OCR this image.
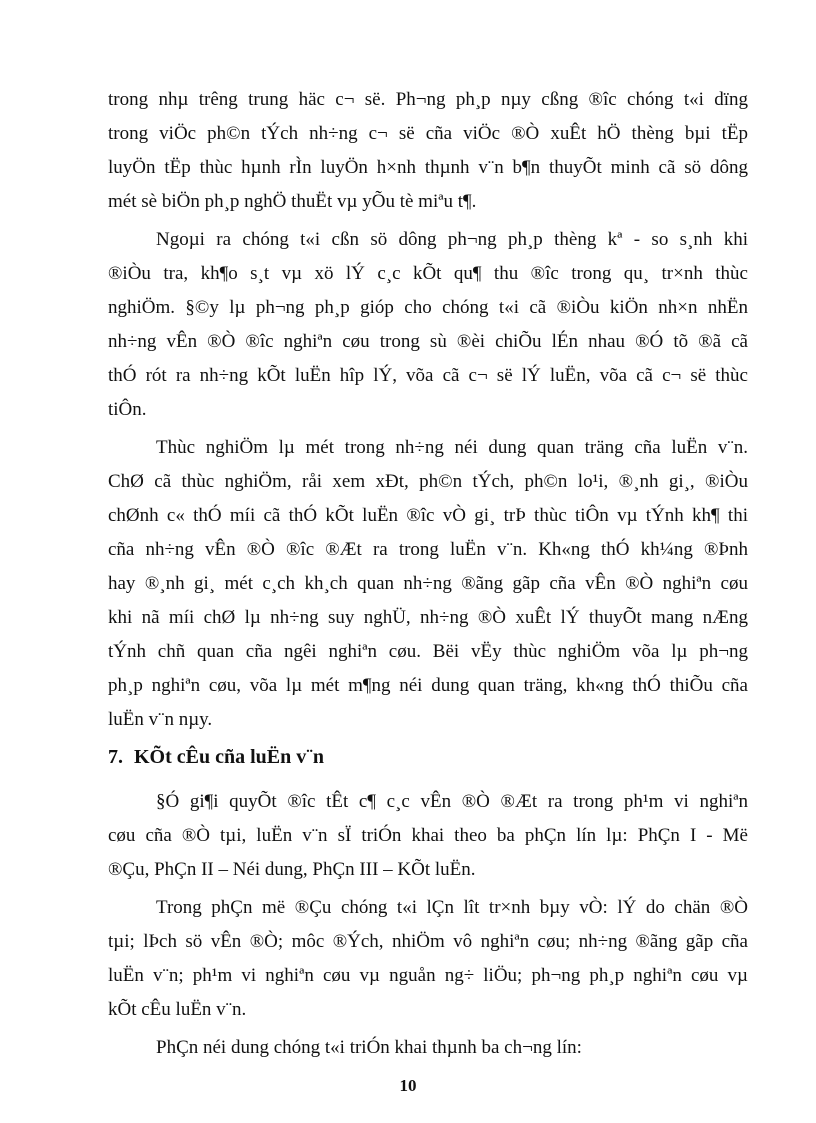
trong nhµ trêng trung häc c¬ së. Ph¬ng ph¸p nµy cßng ®îc chóng t«i dïng
trong viÖc ph©n tÝch nh÷ng c¬ së cña viÖc ®Ò xuÊt hÖ thèng bµi tËp
luyÖn tËp thùc hµnh rÌn luyÖn h×nh thµnh v¨n b¶n thuyÕt minh cã sö dông
mét sè biÖn ph¸p nghÖ thuËt vµ yÕu tè miªu t¶.
Ngoµi ra chóng t«i cßn sö dông ph¬ng ph¸p thèng kª - so s¸nh khi
®iÒu tra, kh¶o s¸t vµ xö lÝ c¸c kÕt qu¶ thu ®îc trong qu¸ tr×nh thùc
nghiÖm. §©y lµ ph¬ng ph¸p gióp cho chóng t«i cã ®iÒu kiÖn nh×n nhËn
nh÷ng vÊn ®Ò ®îc nghiªn cøu trong sù ®èi chiÕu lÉn nhau ®Ó tõ ®ã cã
thÓ rót ra nh÷ng kÕt luËn hîp lÝ, võa cã c¬ së lÝ luËn, võa cã c¬ së thùc
tiÔn.
Thùc nghiÖm lµ mét trong nh÷ng néi dung quan träng cña luËn v¨n.
ChØ cã thùc nghiÖm, råi xem xÐt, ph©n tÝch, ph©n lo¹i, ®¸nh gi¸, ®iÒu
chØnh c« thÓ míi cã thÓ kÕt luËn ®îc vÒ gi¸ trÞ thùc tiÔn vµ tÝnh kh¶ thi
cña nh÷ng vÊn ®Ò ®îc ®Æt ra trong luËn v¨n. Kh«ng thÓ kh¼ng ®Þnh
hay ®¸nh gi¸ mét c¸ch kh¸ch quan nh÷ng ®ãng gãp cña vÊn ®Ò nghiªn cøu
khi nã míi chØ lµ nh÷ng suy nghÜ, nh÷ng ®Ò xuÊt lÝ thuyÕt mang nÆng
tÝnh chñ quan cña ngêi nghiªn cøu. Bëi vËy thùc nghiÖm võa lµ ph¬ng
ph¸p nghiªn cøu, võa lµ mét m¶ng néi dung quan träng, kh«ng thÓ thiÕu cña
luËn v¨n nµy.
7. KÕt cÊu cña luËn v¨n
§Ó gi¶i quyÕt ®îc tÊt c¶ c¸c vÊn ®Ò ®Æt ra trong ph¹m vi nghiªn
cøu cña ®Ò tµi, luËn v¨n sÏ triÓn khai theo ba phÇn lín lµ: PhÇn I - Më
®Çu, PhÇn II – Néi dung, PhÇn III – KÕt luËn.
Trong phÇn më ®Çu chóng t«i lÇn lît tr×nh bµy vÒ: lÝ do chän ®Ò
tµi; lÞch sö vÊn ®Ò; môc ®Ých, nhiÖm vô nghiªn cøu; nh÷ng ®ãng gãp cña
luËn v¨n; ph¹m vi nghiªn cøu vµ nguån ng÷ liÖu; ph¬ng ph¸p nghiªn cøu vµ
kÕt cÊu luËn v¨n.
PhÇn néi dung chóng t«i triÓn khai thµnh ba ch¬ng lín:
10
